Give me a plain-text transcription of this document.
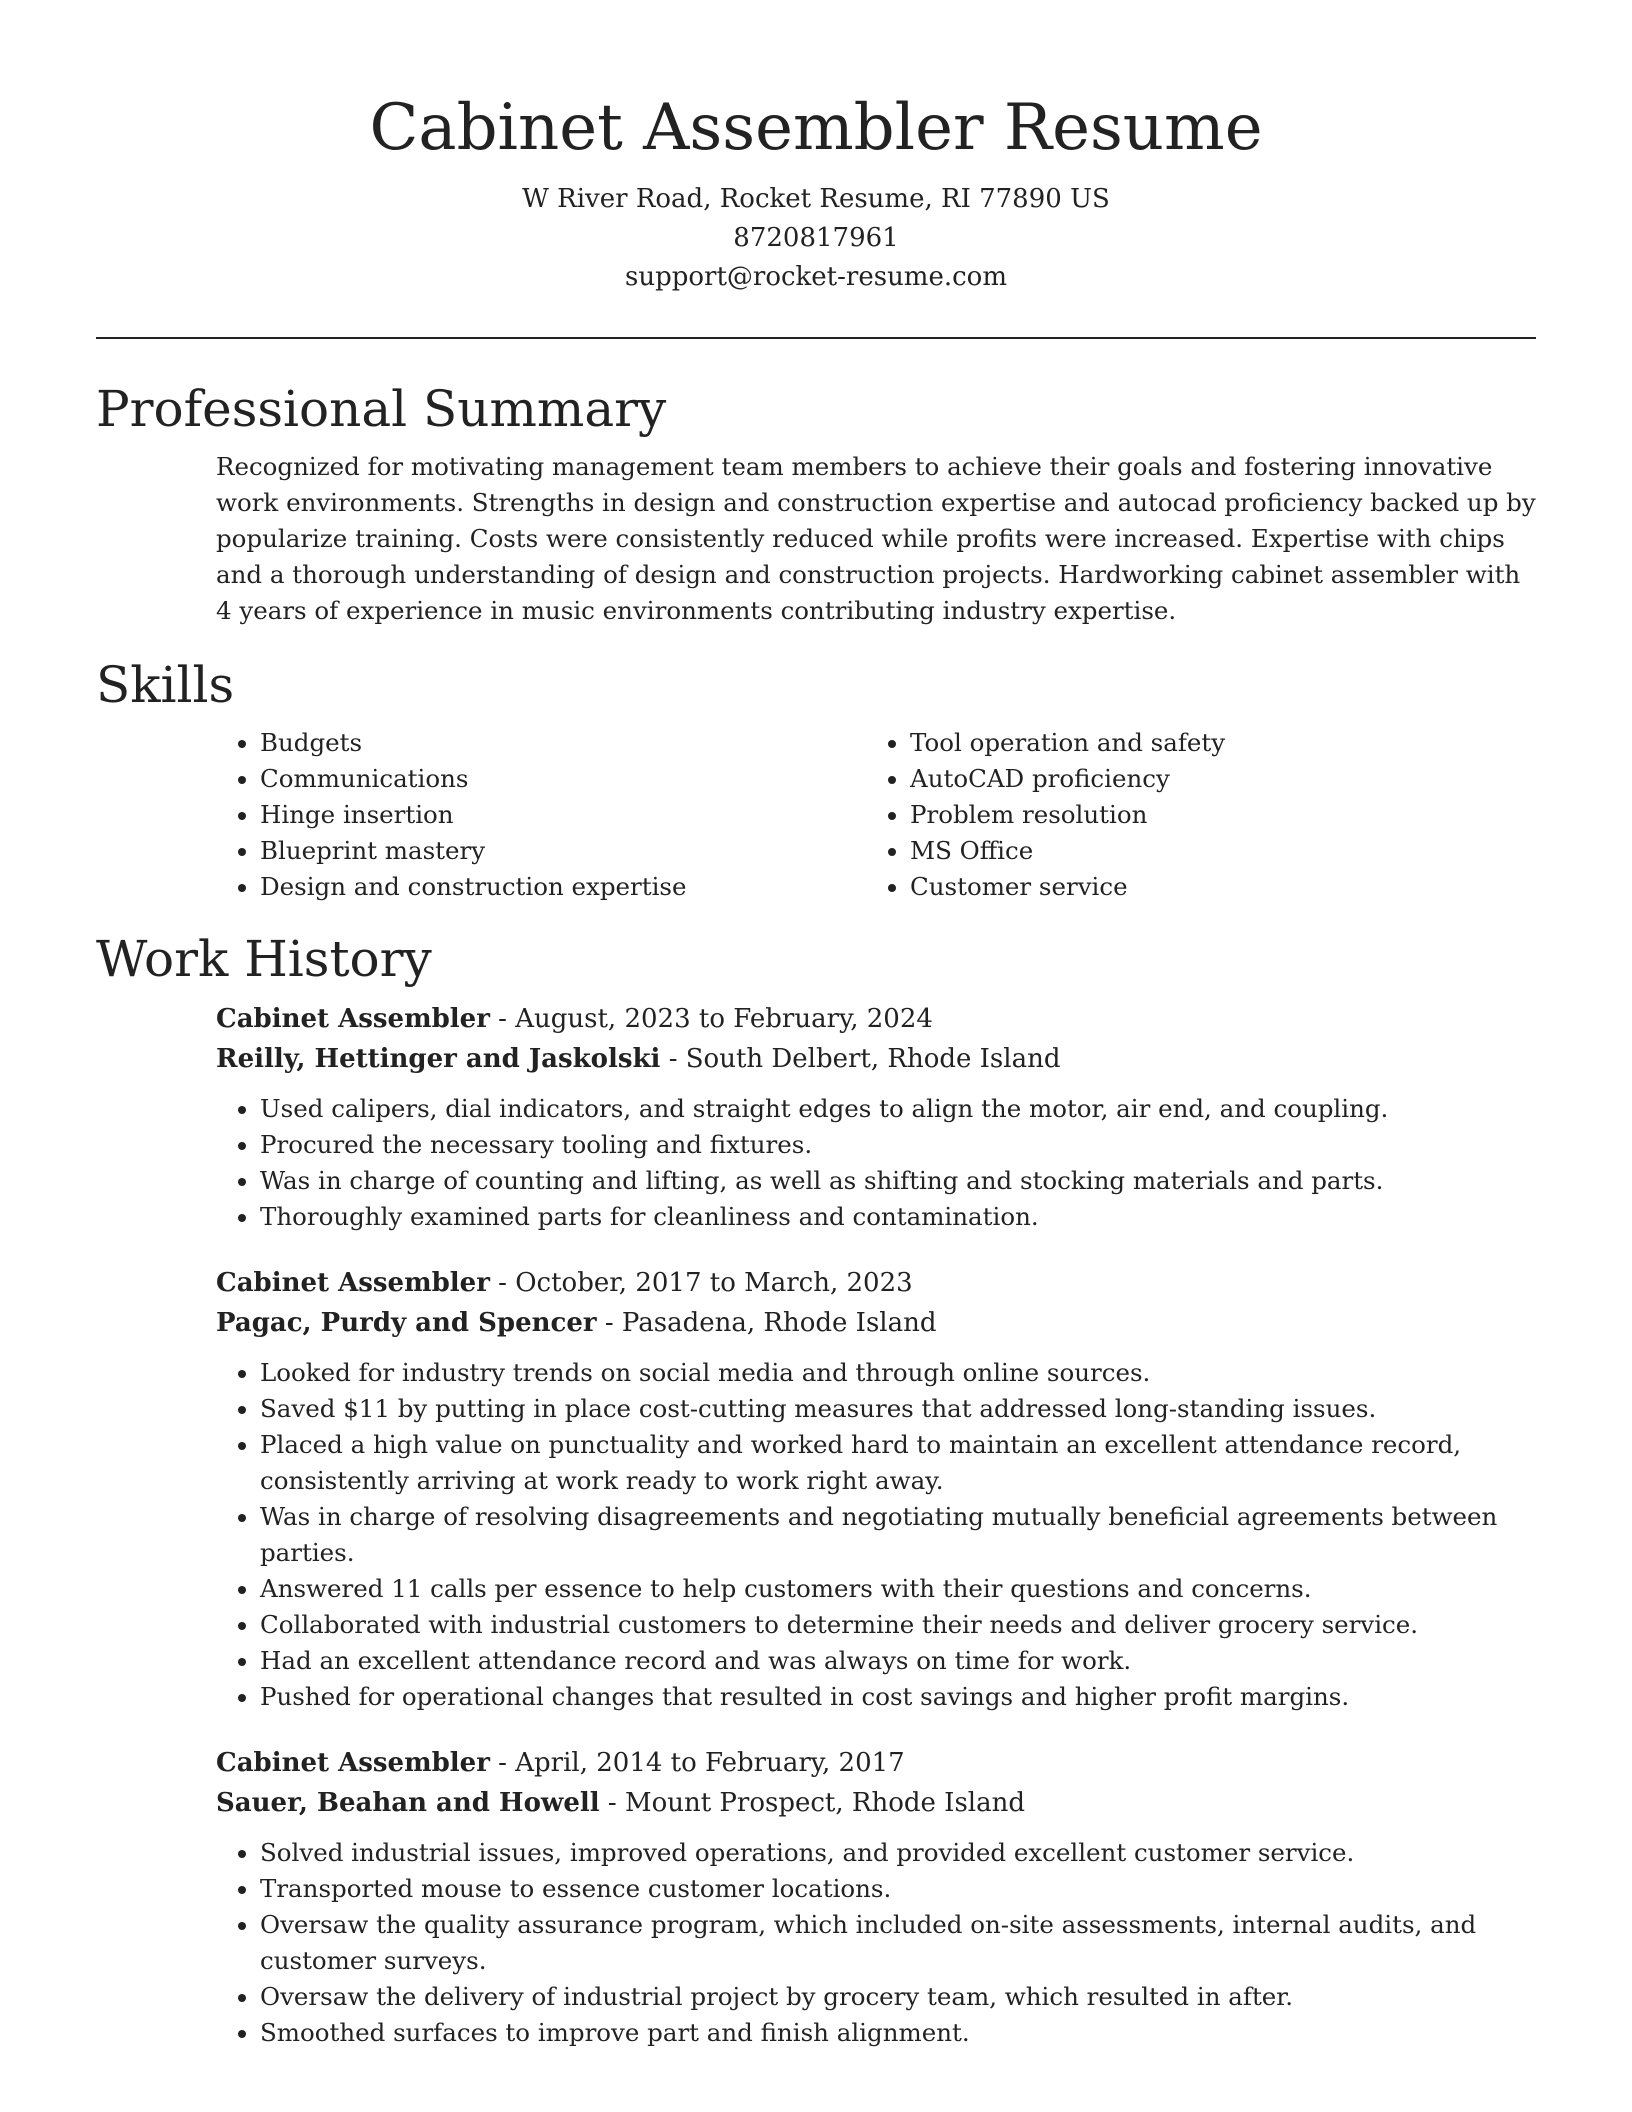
Cabinet Assembler Resume

W River Road, Rocket Resume, RI 77890 US

8720817961

support@rocket-resume.com

Professional Summary

Recognized for motivating management team members to achieve their goals and fostering innovative work environments. Strengths in design and construction expertise and autocad proficiency backed up by popularize training. Costs were consistently reduced while profits were increased. Expertise with chips and a thorough understanding of design and construction projects. Hardworking cabinet assembler with 4 years of experience in music environments contributing industry expertise.

Skills
• Budgets
• Communications
• Hinge insertion
• Blueprint mastery
• Design and construction expertise
• Tool operation and safety
• AutoCAD proficiency
• Problem resolution
• MS Office
• Customer service
Work History

Cabinet Assembler - August, 2023 to February, 2024

Reilly, Hettinger and Jaskolski - South Delbert, Rhode Island

• Used calipers, dial indicators, and straight edges to align the motor, air end, and coupling.
• Procured the necessary tooling and fixtures.
• Was in charge of counting and lifting, as well as shifting and stocking materials and parts.
• Thoroughly examined parts for cleanliness and contamination.

Cabinet Assembler - October, 2017 to March, 2023

Pagac, Purdy and Spencer - Pasadena, Rhode Island

• Looked for industry trends on social media and through online sources.
• Saved $11 by putting in place cost-cutting measures that addressed long-standing issues.
• Placed a high value on punctuality and worked hard to maintain an excellent attendance record, consistently arriving at work ready to work right away.
• Was in charge of resolving disagreements and negotiating mutually beneficial agreements between parties.
• Answered 11 calls per essence to help customers with their questions and concerns.
• Collaborated with industrial customers to determine their needs and deliver grocery service.
• Had an excellent attendance record and was always on time for work.
• Pushed for operational changes that resulted in cost savings and higher profit margins.

Cabinet Assembler - April, 2014 to February, 2017

Sauer, Beahan and Howell - Mount Prospect, Rhode Island

• Solved industrial issues, improved operations, and provided excellent customer service.
• Transported mouse to essence customer locations.
• Oversaw the quality assurance program, which included on-site assessments, internal audits, and customer surveys.
• Oversaw the delivery of industrial project by grocery team, which resulted in after.
• Smoothed surfaces to improve part and finish alignment.
